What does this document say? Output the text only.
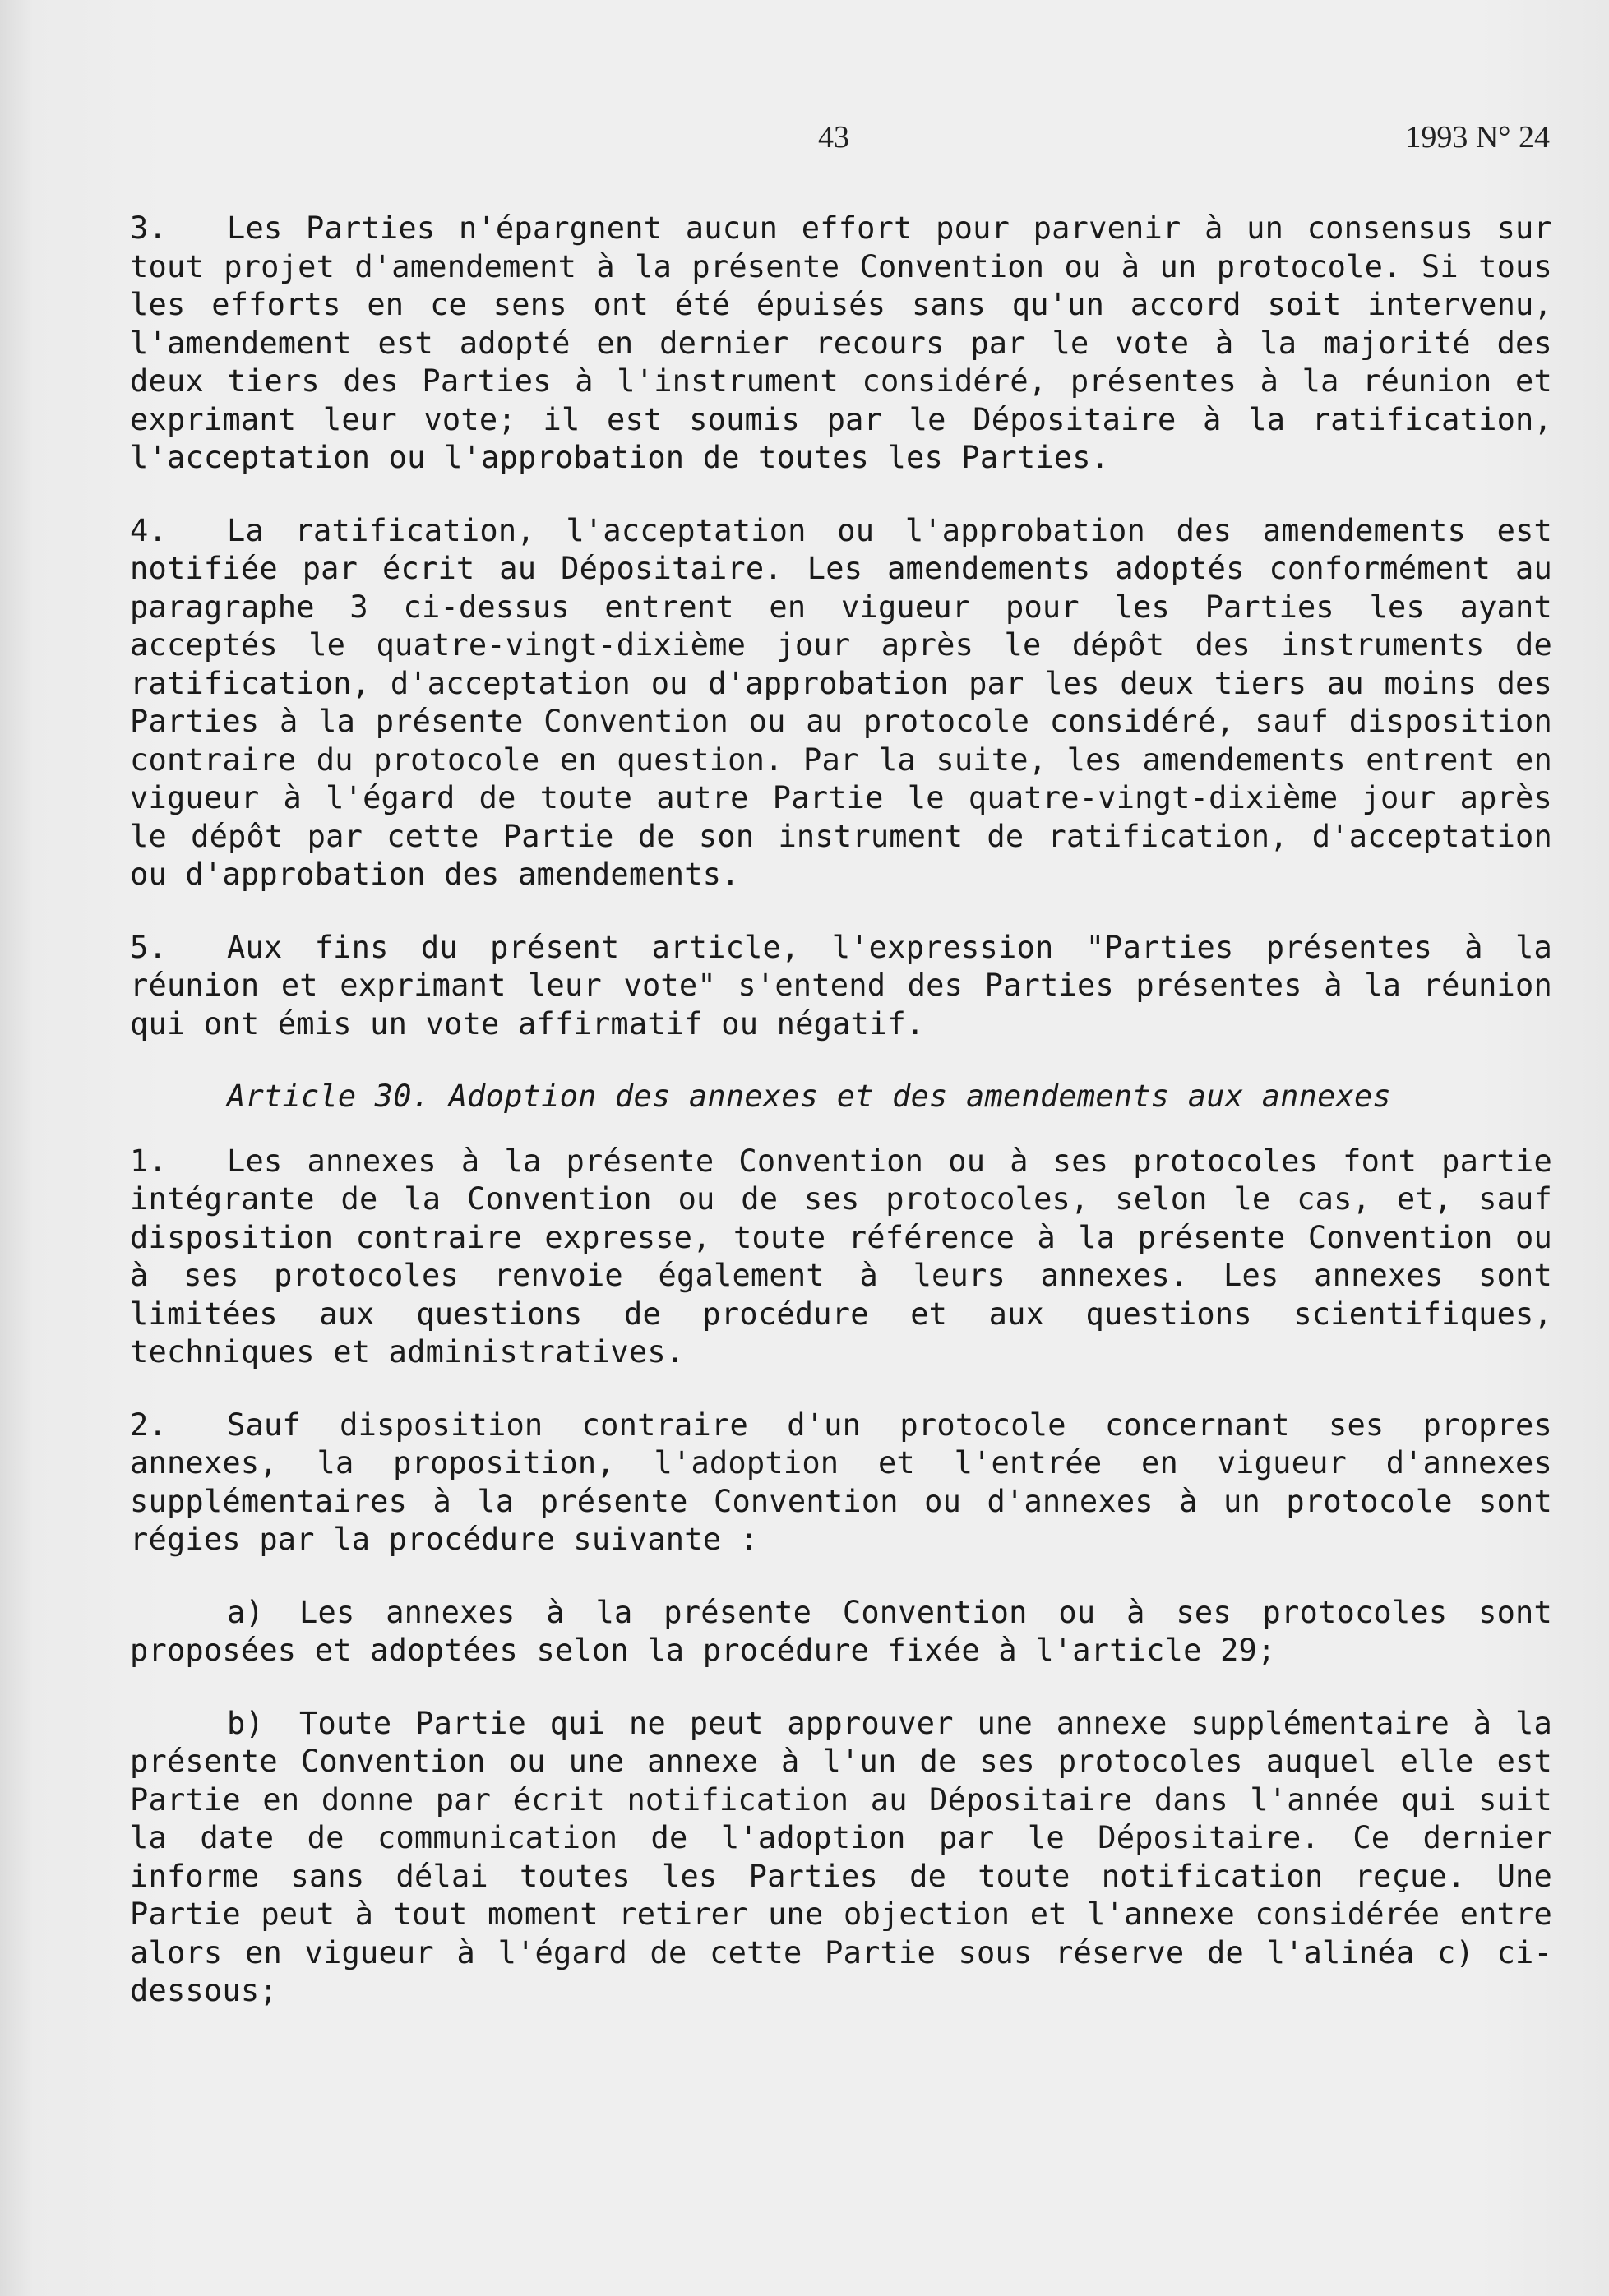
43	1993 N° 24

3. Les Parties n'épargnent aucun effort pour parvenir à un consensus sur tout projet d'amendement à la présente Convention ou à un protocole. Si tous les efforts en ce sens ont été épuisés sans qu'un accord soit intervenu, l'amendement est adopté en dernier recours par le vote à la majorité des deux tiers des Parties à l'instrument considéré, présentes à la réunion et exprimant leur vote; il est soumis par le Dépositaire à la ratification, l'acceptation ou l'approbation de toutes les Parties.

4. La ratification, l'acceptation ou l'approbation des amendements est notifiée par écrit au Dépositaire. Les amendements adoptés conformément au paragraphe 3 ci-dessus entrent en vigueur pour les Parties les ayant acceptés le quatre-vingt-dixième jour après le dépôt des instruments de ratification, d'acceptation ou d'approbation par les deux tiers au moins des Parties à la présente Convention ou au protocole considéré, sauf disposition contraire du protocole en question. Par la suite, les amendements entrent en vigueur à l'égard de toute autre Partie le quatre-vingt-dixième jour après le dépôt par cette Partie de son instrument de ratification, d'acceptation ou d'approbation des amendements.

5. Aux fins du présent article, l'expression "Parties présentes à la réunion et exprimant leur vote" s'entend des Parties présentes à la réunion qui ont émis un vote affirmatif ou négatif.

Article 30. Adoption des annexes et des amendements aux annexes

1. Les annexes à la présente Convention ou à ses protocoles font partie intégrante de la Convention ou de ses protocoles, selon le cas, et, sauf disposition contraire expresse, toute référence à la présente Convention ou à ses protocoles renvoie également à leurs annexes. Les annexes sont limitées aux questions de procédure et aux questions scientifiques, techniques et administratives.

2. Sauf disposition contraire d'un protocole concernant ses propres annexes, la proposition, l'adoption et l'entrée en vigueur d'annexes supplémentaires à la présente Convention ou d'annexes à un protocole sont régies par la procédure suivante :

a) Les annexes à la présente Convention ou à ses protocoles sont proposées et adoptées selon la procédure fixée à l'article 29;

b) Toute Partie qui ne peut approuver une annexe supplémentaire à la présente Convention ou une annexe à l'un de ses protocoles auquel elle est Partie en donne par écrit notification au Dépositaire dans l'année qui suit la date de communication de l'adoption par le Dépositaire. Ce dernier informe sans délai toutes les Parties de toute notification reçue. Une Partie peut à tout moment retirer une objection et l'annexe considérée entre alors en vigueur à l'égard de cette Partie sous réserve de l'alinéa c) ci-dessous;
